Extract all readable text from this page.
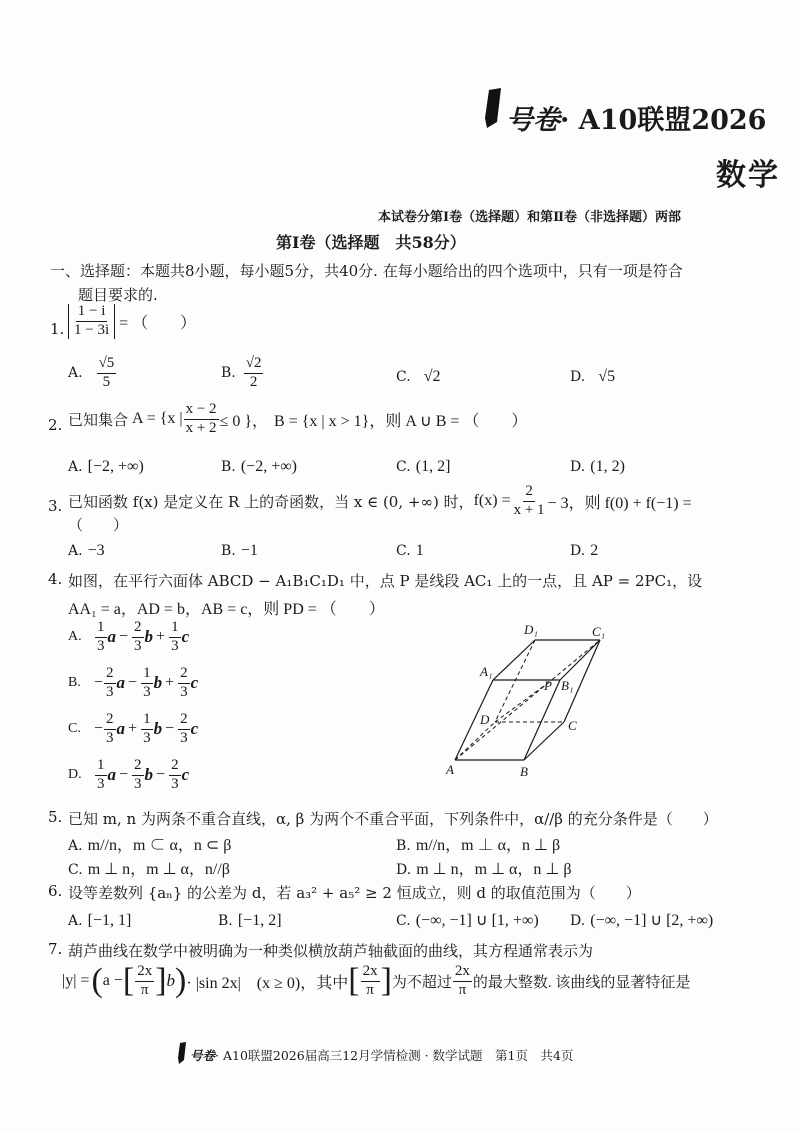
号卷· A10联盟2026
数学
本试卷分第Ⅰ卷（选择题）和第Ⅱ卷（非选择题）两部
第Ⅰ卷（选择题　共58分）
一、选择题：本题共8小题，每小题5分，共40分. 在每小题给出的四个选项中，只有一项是符合
题目要求的.
1. $\frac{1 - i}{1 - 3i}$ = （　　）
A. $\frac{√5}{5}$	B. $\frac{√2}{2}$	C. √2	D. √5
2. 已知集合 A = {x | $\frac{x - 2}{x + 2} \le 0$ }， B = {x | x > 1}，则 A ∪ B = （　　）
A. [−2, +∞)	B. (−2, +∞)	C. (1, 2]	D. (1, 2)
3. 已知函数 f(x) 是定义在 R 上的奇函数，当 x ∈ (0, +∞) 时， $f(x) = \frac{2}{x + 1} - 3$，则 f(0) + f(−1) =
（　　）
A. −3	B. −1	C. 1	D. 2
4. 如图，在平行六面体 ABCD − A₁B₁C₁D₁ 中，点 P 是线段 AC₁ 上的一点，且 AP = 2PC₁，设
AA₁ = a，AD = b，AB = c，则 PD = （　　）
A. $\frac{1}{3}$ $a - \frac{2}{3}$ $b + \frac{1}{3}$ c
B. − $\frac{2}{3}$ $a - \frac{1}{3}$ $b + \frac{2}{3}$ c
C. − $\frac{2}{3}$ $a + \frac{1}{3}$ $b - \frac{2}{3}$ c
D. $\frac{1}{3}$ $a - \frac{2}{3}$ $b - \frac{2}{3}$ c
D₁	C₁
A₁
B₁
P
D	C
A	B
5. 已知 m, n 为两条不重合直线，α, β 为两个不重合平面，下列条件中，α//β 的充分条件是（　　）
A. m//n，m ⊂ α，n ⊂ β	B. m//n，m ⊥ α，n ⊥ β
C. m ⊥ n，m ⊥ α，n//β	D. m ⊥ n，m ⊥ α，n ⊥ β
6. 设等差数列 {aₙ} 的公差为 d，若 a₃² + a₅² ≥ 2 恒成立，则 d 的取值范围为（　　）
A. [−1, 1]	B. [−1, 2]	C. (−∞, −1] ∪ [1, +∞) D. (−∞, −1] ∪ [2, +∞)
7. 葫芦曲线在数学中被明确为一种类似横放葫芦轴截面的曲线，其方程通常表示为
|y| = ( a − [ $\frac{2x}{\pi}$ ] b ) · |sin 2x|　(x ≥ 0)，其中 [ $\frac{2x}{\pi}$ ] 为不超过 $\frac{2x}{\pi}$ 的最大整数. 该曲线的显著特征是
号卷· A10联盟2026届高三12月学情检测 · 数学试题　第1页　共4页
